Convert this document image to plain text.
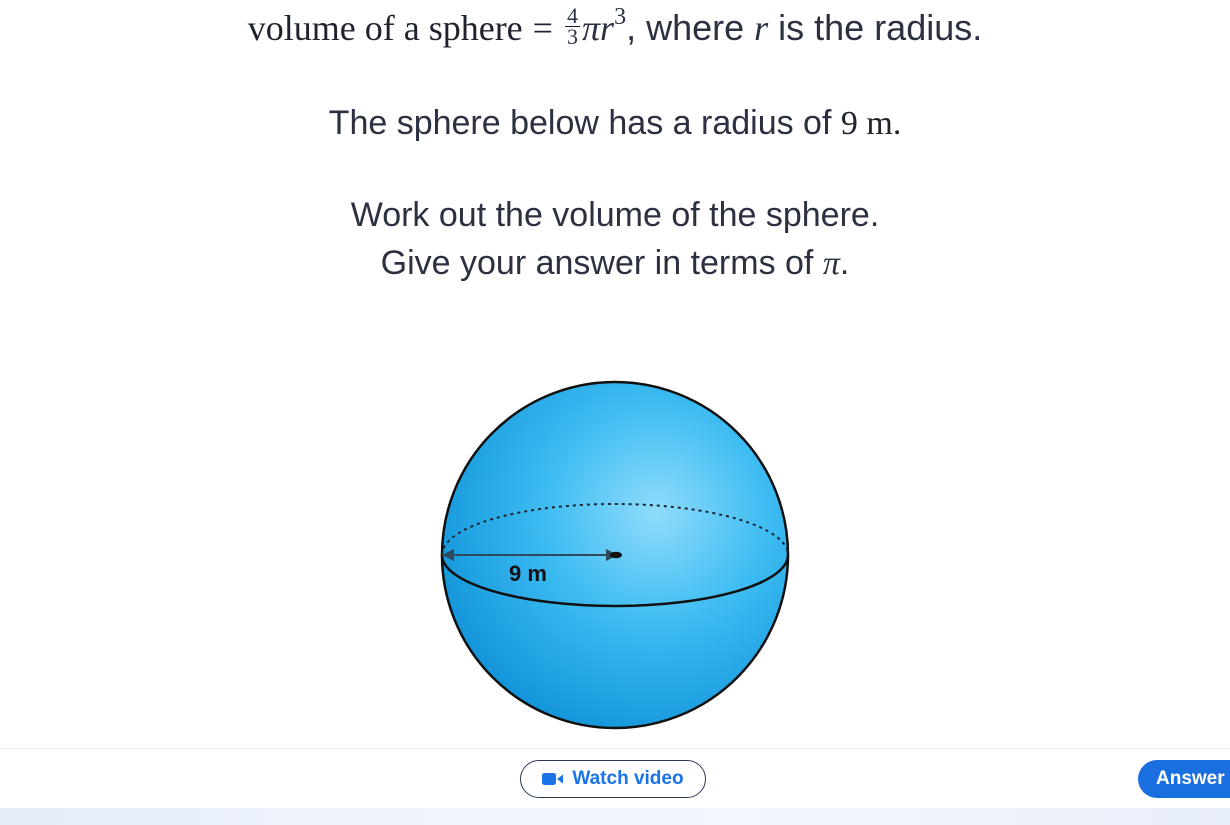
volume of a sphere = $\frac{4}{3} \pi r^3$, where r is the radius.
The sphere below has a radius of 9 m.
Work out the volume of the sphere.
Give your answer in terms of π.
9 m
Watch video	Answer
